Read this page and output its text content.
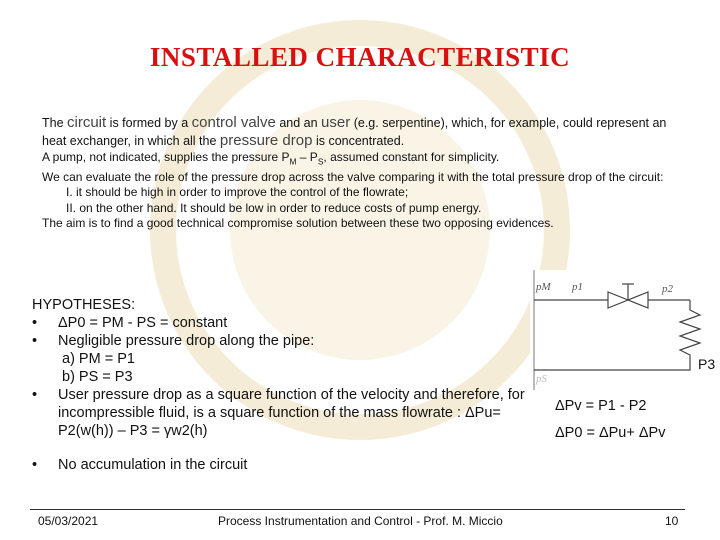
INSTALLED CHARACTERISTIC

The circuit is formed by a control valve and an user (e.g. serpentine), which, for example, could represent an heat exchanger, in which all the pressure drop is concentrated.

A pump, not indicated, supplies the pressure $P_M - P_S$, assumed constant for simplicity.

We can evaluate the role of the pressure drop across the valve comparing it with the total pressure drop of the circuit:

I. it should be high in order to improve the control of the flowrate;

II. on the other hand. It should be low in order to reduce costs of pump energy.

The aim is to find a good technical compromise solution between these two opposing evidences.

HYPOTHESES:

• ΔP0 = PM - PS = constant

• Negligible pressure drop along the pipe:

a) PM = P1

b) PS = P3

• User pressure drop as a square function of the velocity and therefore, for incompressible fluid, is a square function of the mass flowrate : ΔPu= P2(w(h)) – P3 = γw2(h)

• No accumulation in the circuit

pM p1	p2
pS
P3
ΔPv = P1 - P2
ΔP0 = ΔPu+ ΔPv
05/03/2021	Process Instrumentation and Control - Prof. M. Miccio	10
